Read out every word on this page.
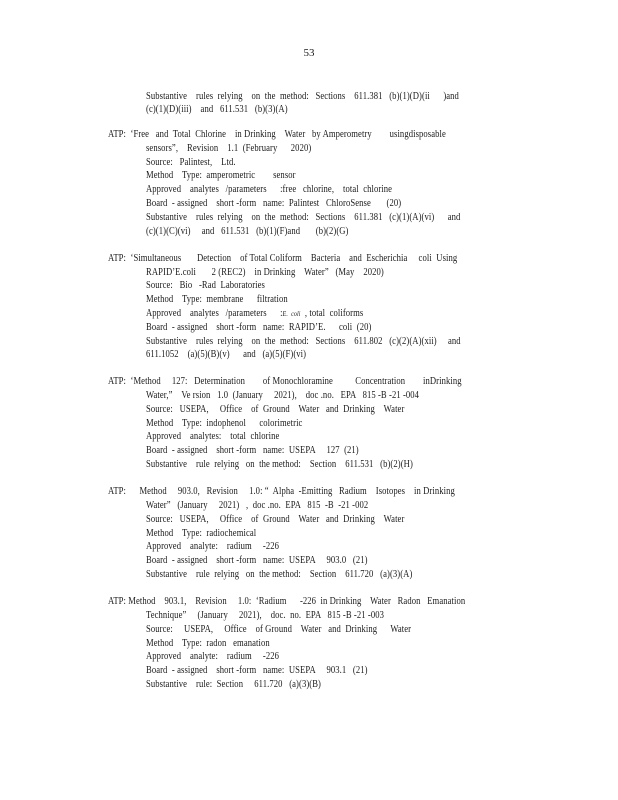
53
Substantive    rules  relying    on  the  method:   Sections    611.381   (b)(1)(D)(ii      )and
(c)(1)(D)(iii)    and   611.531   (b)(3)(A)
ATP:  ‘Free   and  Total  Chlorine    in Drinking    Water   by Amperometry        usingdisposable
sensors”,    Revision    1.1  (February      2020)
Source:   Palintest,    Ltd.
Method    Type:  amperometric        sensor
Approved    analytes   /parameters      :free   chlorine,    total  chlorine
Board  - assigned    short -form   name:  Palintest   ChloroSense       (20)
Substantive    rules  relying    on  the  method:   Sections    611.381   (c)(1)(A)(vi)      and
(c)(1)(C)(vi)     and   611.531   (b)(1)(F)and       (b)(2)(G)
ATP:  ‘Simultaneous       Detection    of Total Coliform    Bacteria    and  Escherichia     coli  Using
RAPID’E.coli       2 (REC2)    in Drinking    Water”   (May    2020)
Source:   Bio   -Rad  Laboratories
Method    Type:  membrane      filtration
Approved    analytes   /parameters      :E.  coli  , total  coliforms
Board  - assigned    short -form   name:  RAPID’E.      coli  (20)
Substantive    rules  relying    on  the  method:   Sections    611.802   (c)(2)(A)(xii)     and
611.1052    (a)(5)(B)(v)      and   (a)(5)(F)(vi)
ATP:  ‘Method     127:   Determination        of Monochloramine          Concentration        inDrinking
Water,”    Ve rsion   1.0  (January     2021),    doc .no.   EPA   815 -B -21 -004
Source:   USEPA,     Office    of  Ground    Water   and  Drinking    Water
Method    Type:  indophenol      colorimetric
Approved    analytes:    total  chlorine
Board  - assigned    short -form   name:  USEPA     127  (21)
Substantive    rule  relying   on  the method:    Section    611.531   (b)(2)(H)
ATP:      Method     903.0,   Revision     1.0: “  Alpha  -Emitting   Radium    Isotopes    in Drinking
Water”   (January     2021)   ,  doc .no.  EPA   815  -B  -21 -002
Source:   USEPA,     Office    of  Ground    Water   and  Drinking    Water
Method    Type:  radiochemical
Approved    analyte:    radium     -226
Board  - assigned    short -form   name:  USEPA     903.0   (21)
Substantive    rule  relying   on  the method:    Section    611.720   (a)(3)(A)
ATP: Method    903.1,    Revision     1.0:  ‘Radium      -226  in Drinking    Water   Radon   Emanation
Technique”     (January     2021),    doc.  no.  EPA   815 -B -21 -003
Source:     USEPA,     Office    of Ground    Water   and  Drinking      Water
Method    Type:  radon   emanation
Approved    analyte:    radium     -226
Board  - assigned    short -form   name:  USEPA     903.1   (21)
Substantive    rule:  Section     611.720   (a)(3)(B)
